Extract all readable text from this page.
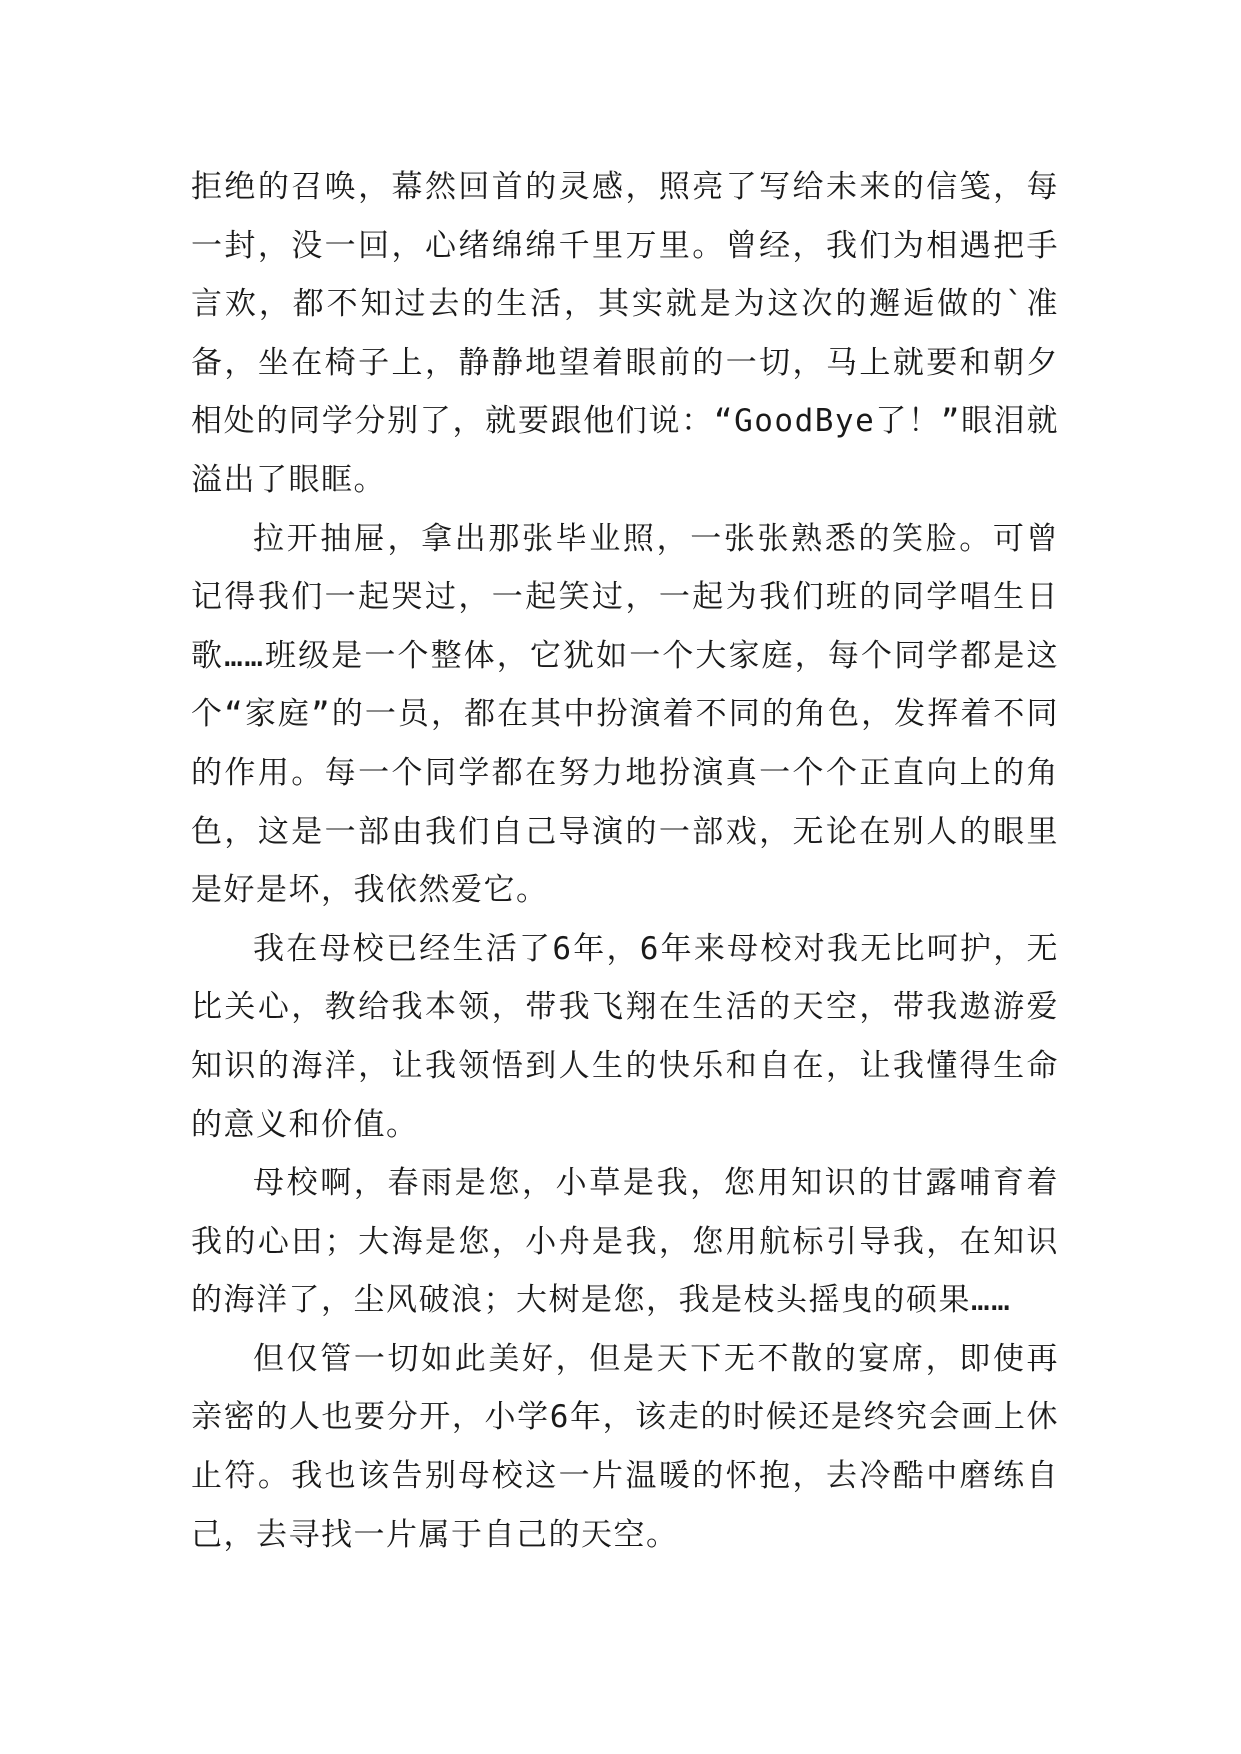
拒绝的召唤，幕然回首的灵感，照亮了写给未来的信笺，每一封，没一回，心绪绵绵千里万里。曾经，我们为相遇把手言欢，都不知过去的生活，其实就是为这次的邂逅做的`准备，坐在椅子上，静静地望着眼前的一切，马上就要和朝夕相处的同学分别了，就要跟他们说：“GoodBye了！”眼泪就溢出了眼眶。

拉开抽屉，拿出那张毕业照，一张张熟悉的笑脸。可曾记得我们一起哭过，一起笑过，一起为我们班的同学唱生日歌……班级是一个整体，它犹如一个大家庭，每个同学都是这个“家庭”的一员，都在其中扮演着不同的角色，发挥着不同的作用。每一个同学都在努力地扮演真一个个正直向上的角色，这是一部由我们自己导演的一部戏，无论在别人的眼里是好是坏，我依然爱它。

我在母校已经生活了6年，6年来母校对我无比呵护，无比关心，教给我本领，带我飞翔在生活的天空，带我遨游爱知识的海洋，让我领悟到人生的快乐和自在，让我懂得生命的意义和价值。

母校啊，春雨是您，小草是我，您用知识的甘露哺育着我的心田；大海是您，小舟是我，您用航标引导我，在知识的海洋了，尘风破浪；大树是您，我是枝头摇曳的硕果……

但仅管一切如此美好，但是天下无不散的宴席，即使再亲密的人也要分开，小学6年，该走的时候还是终究会画上休止符。我也该告别母校这一片温暖的怀抱，去冷酷中磨练自己，去寻找一片属于自己的天空。
